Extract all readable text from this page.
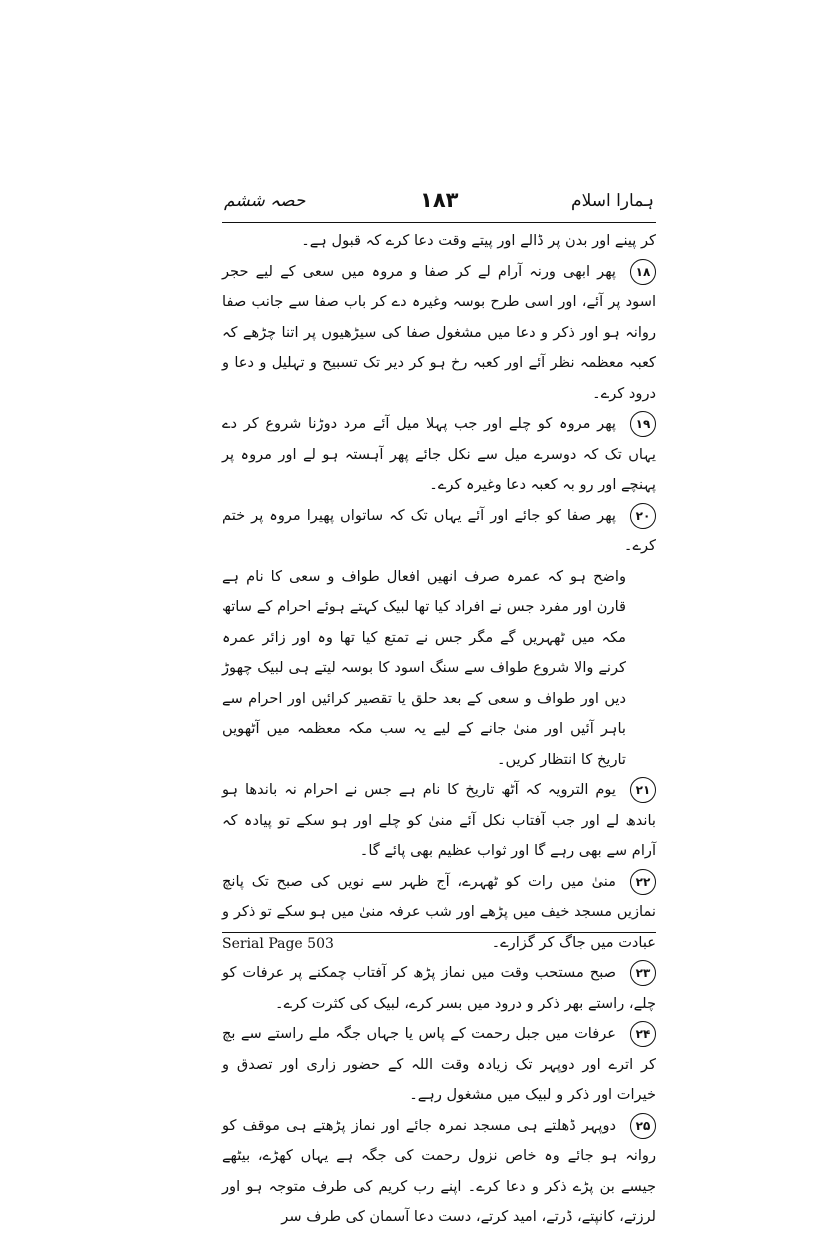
حصہ ششم	۱۸۳	ہمارا اسلام

کر پینے اور بدن پر ڈالے اور پیتے وقت دعا کرے کہ قبول ہے۔

۱۸پھر ابھی ورنہ آرام لے کر صفا و مروہ میں سعی کے لیے حجر اسود پر آئے، اور اسی طرح بوسہ وغیرہ دے کر باب صفا سے جانب صفا روانہ ہو اور ذکر و دعا میں مشغول صفا کی سیڑھیوں پر اتنا چڑھے کہ کعبہ معظمہ نظر آئے اور کعبہ رخ ہو کر دیر تک تسبیح و تہلیل و دعا و درود کرے۔

۱۹پھر مروہ کو چلے اور جب پہلا میل آئے مرد دوڑنا شروع کر دے یہاں تک کہ دوسرے میل سے نکل جائے پھر آہستہ ہو لے اور مروہ پر پہنچے اور رو بہ کعبہ دعا وغیرہ کرے۔

۲۰پھر صفا کو جائے اور آئے یہاں تک کہ ساتواں پھیرا مروہ پر ختم کرے۔

واضح ہو کہ عمرہ صرف انھیں افعال طواف و سعی کا نام ہے قارن اور مفرد جس نے افراد کیا تھا لبیک کہتے ہوئے احرام کے ساتھ مکہ میں ٹھہریں گے مگر جس نے تمتع کیا تھا وہ اور زائر عمرہ کرنے والا شروع طواف سے سنگ اسود کا بوسہ لیتے ہی لبیک چھوڑ دیں اور طواف و سعی کے بعد حلق یا تقصیر کرائیں اور احرام سے باہر آئیں اور منیٰ جانے کے لیے یہ سب مکہ معظمہ میں آٹھویں تاریخ کا انتظار کریں۔

۲۱یوم الترویہ کہ آٹھ تاریخ کا نام ہے جس نے احرام نہ باندھا ہو باندھ لے اور جب آفتاب نکل آئے منیٰ کو چلے اور ہو سکے تو پیادہ کہ آرام سے بھی رہے گا اور ثواب عظیم بھی پائے گا۔

۲۲منیٰ میں رات کو ٹھہرے، آج ظہر سے نویں کی صبح تک پانچ نمازیں مسجد خیف میں پڑھے اور شب عرفہ منیٰ میں ہو سکے تو ذکر و عبادت میں جاگ کر گزارے۔

۲۳صبح مستحب وقت میں نماز پڑھ کر آفتاب چمکنے پر عرفات کو چلے، راستے بھر ذکر و درود میں بسر کرے، لبیک کی کثرت کرے۔

۲۴عرفات میں جبل رحمت کے پاس یا جہاں جگہ ملے راستے سے بچ کر اترے اور دوپہر تک زیادہ وقت اللہ کے حضور زاری اور تصدق و خیرات اور ذکر و لبیک میں مشغول رہے۔

۲۵دوپہر ڈھلتے ہی مسجد نمرہ جائے اور نماز پڑھتے ہی موقف کو روانہ ہو جائے وہ خاص نزول رحمت کی جگہ ہے یہاں کھڑے، بیٹھے جیسے بن پڑے ذکر و دعا کرے۔ اپنے رب کریم کی طرف متوجہ ہو اور لرزتے، کانپتے، ڈرتے، امید کرتے، دست دعا آسمان کی طرف سر

Serial Page 503
